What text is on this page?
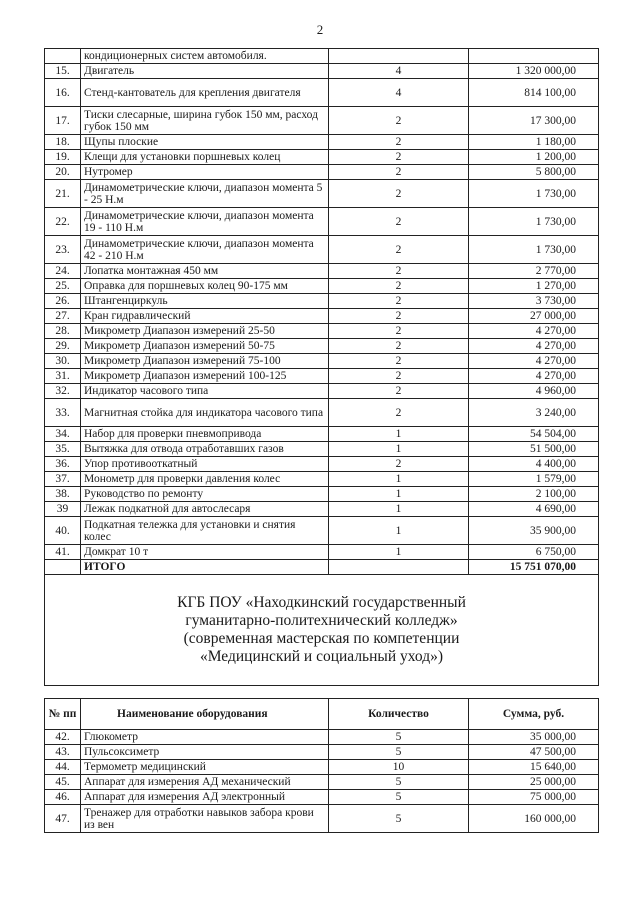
2
	кондиционерных систем автомобиля.		
15.	Двигатель	4	1 320 000,00
16.	Стенд-кантователь для крепления двигателя	4	814 100,00
17.	Тиски слесарные, ширина губок 150 мм, расход губок 150 мм	2	17 300,00
18.	Щупы плоские	2	1 180,00
19.	Клещи для установки поршневых колец	2	1 200,00
20.	Нутромер	2	5 800,00
21.	Динамометрические ключи, диапазон момента 5 - 25 Н.м	2	1 730,00
22.	Динамометрические ключи, диапазон момента 19 - 110 Н.м	2	1 730,00
23.	Динамометрические ключи, диапазон момента 42 - 210 Н.м	2	1 730,00
24.	Лопатка монтажная 450 мм	2	2 770,00
25.	Оправка для поршневых колец 90-175 мм	2	1 270,00
26.	Штангенциркуль	2	3 730,00
27.	Кран гидравлический	2	27 000,00
28.	Микрометр Диапазон измерений 25-50	2	4 270,00
29.	Микрометр Диапазон измерений 50-75	2	4 270,00
30.	Микрометр Диапазон измерений 75-100	2	4 270,00
31.	Микрометр Диапазон измерений 100-125	2	4 270,00
32.	Индикатор часового типа	2	4 960,00
33.	Магнитная стойка для индикатора часового типа	2	3 240,00
34.	Набор для проверки пневмопривода	1	54 504,00
35.	Вытяжка для отвода отработавших газов	1	51 500,00
36.	Упор противооткатный	2	4 400,00
37.	Монометр для проверки давления колес	1	1 579,00
38.	Руководство по ремонту	1	2 100,00
39	Лежак подкатной для автослесаря	1	4 690,00
40.	Подкатная тележка для установки и снятия колес	1	35 900,00
41.	Домкрат 10 т	1	6 750,00
	ИТОГО		15 751 070,00

КГБ ПОУ «Находкинский государственный
гуманитарно-политехнический колледж»
(современная мастерская по компетенции
«Медицинский и социальный уход»)			
№ пп	Наименование оборудования	Количество	Сумма, руб.
42.	Глюкометр	5	35 000,00
43.	Пульсоксиметр	5	47 500,00
44.	Термометр медицинский	10	15 640,00
45.	Аппарат для измерения АД механический	5	25 000,00
46.	Аппарат для измерения АД электронный	5	75 000,00
47.	Тренажер для отработки навыков забора крови из вен	5	160 000,00
